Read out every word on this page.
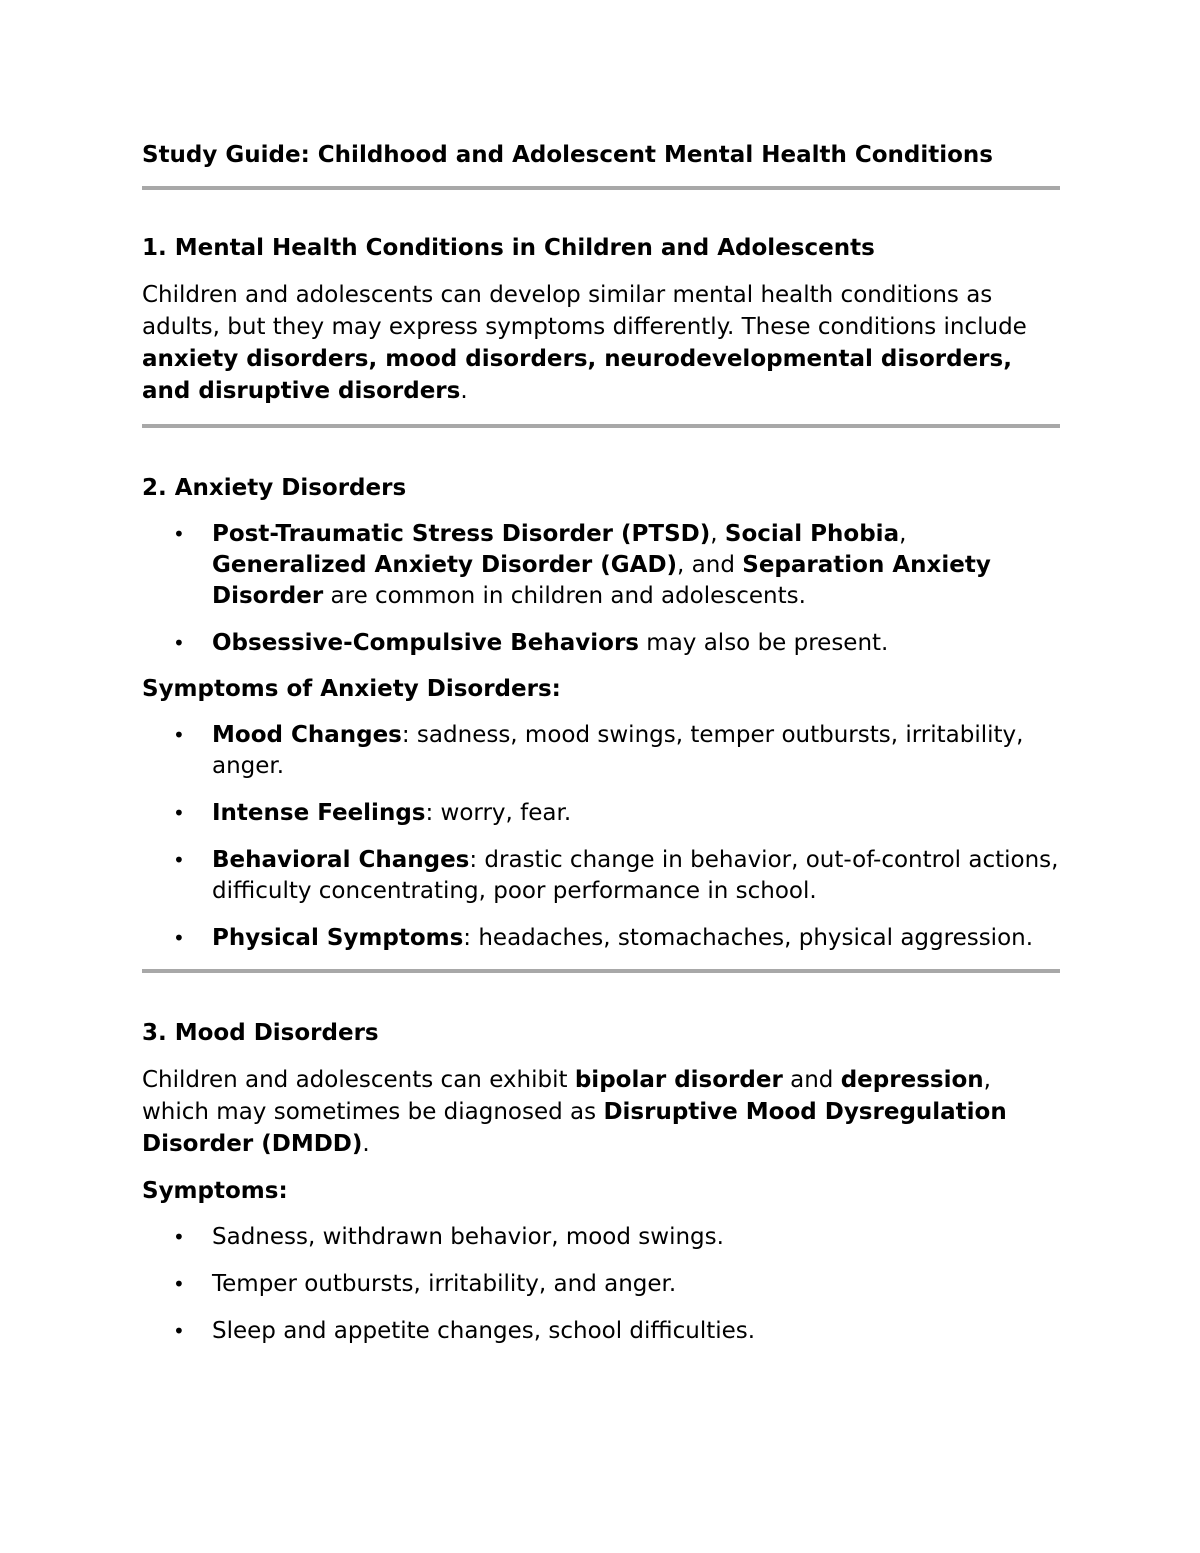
Study Guide: Childhood and Adolescent Mental Health Conditions
1. Mental Health Conditions in Children and Adolescents

Children and adolescents can develop similar mental health conditions as adults, but they may express symptoms differently. These conditions include anxiety disorders, mood disorders, neurodevelopmental disorders, and disruptive disorders.

2. Anxiety Disorders
• Post-Traumatic Stress Disorder (PTSD), Social Phobia, Generalized Anxiety Disorder (GAD), and Separation Anxiety Disorder are common in children and adolescents.
• Obsessive-Compulsive Behaviors may also be present.

Symptoms of Anxiety Disorders:

• Mood Changes: sadness, mood swings, temper outbursts, irritability, anger.
• Intense Feelings: worry, fear.
• Behavioral Changes: drastic change in behavior, out-of-control actions, difficulty concentrating, poor performance in school.
• Physical Symptoms: headaches, stomachaches, physical aggression.
3. Mood Disorders

Children and adolescents can exhibit bipolar disorder and depression, which may sometimes be diagnosed as Disruptive Mood Dysregulation Disorder (DMDD).

Symptoms:

• Sadness, withdrawn behavior, mood swings.
• Temper outbursts, irritability, and anger.
• Sleep and appetite changes, school difficulties.
